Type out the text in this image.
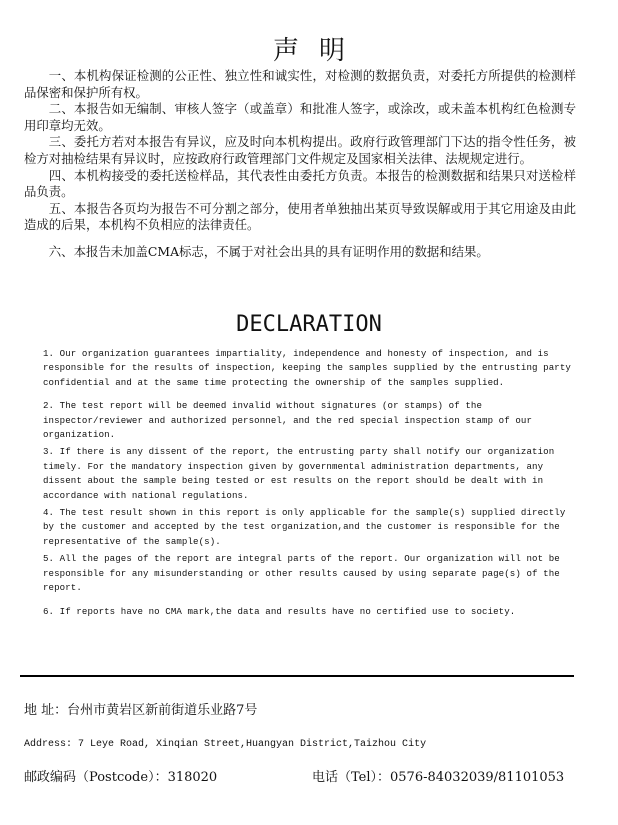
声明

一、本机构保证检测的公正性、独立性和诚实性，对检测的数据负责，对委托方所提供的检测样品保密和保护所有权。

二、本报告如无编制、审核人签字（或盖章）和批准人签字，或涂改，或未盖本机构红色检测专用印章均无效。

三、委托方若对本报告有异议，应及时向本机构提出。政府行政管理部门下达的指令性任务，被检方对抽检结果有异议时，应按政府行政管理部门文件规定及国家相关法律、法规规定进行。

四、本机构接受的委托送检样品，其代表性由委托方负责。本报告的检测数据和结果只对送检样品负责。

五、本报告各页均为报告不可分割之部分，使用者单独抽出某页导致误解或用于其它用途及由此造成的后果，本机构不负相应的法律责任。

六、本报告未加盖CMA标志，不属于对社会出具的具有证明作用的数据和结果。

DECLARATION

1. Our organization guarantees impartiality, independence and honesty of inspection, and is responsible for the results of inspection, keeping the samples supplied by the entrusting party confidential and at the same time protecting the ownership of the samples supplied.

2. The test report will be deemed invalid without signatures (or stamps) of the inspector/reviewer and authorized personnel, and the red special inspection stamp of our organization.

3. If there is any dissent of the report, the entrusting party shall notify our organization timely. For the mandatory inspection given by governmental administration departments, any dissent about the sample being tested or est results on the report should be dealt with in accordance with national regulations.

4. The test result shown in this report is only applicable for the sample(s) supplied directly by the customer and accepted by the test organization,and the customer is responsible for the representative of the sample(s).

5. All the pages of the report are integral parts of the report. Our organization will not be responsible for any misunderstanding or other results caused by using separate page(s) of the report.

6. If reports have no CMA mark,the data and results have no certified use to society.

地 址：台州市黄岩区新前街道乐业路7号
Address: 7 Leye Road, Xinqian Street,Huangyan District,Taizhou City
邮政编码（Postcode）：318020	电话（Tel）：0576-84032039/81101053
